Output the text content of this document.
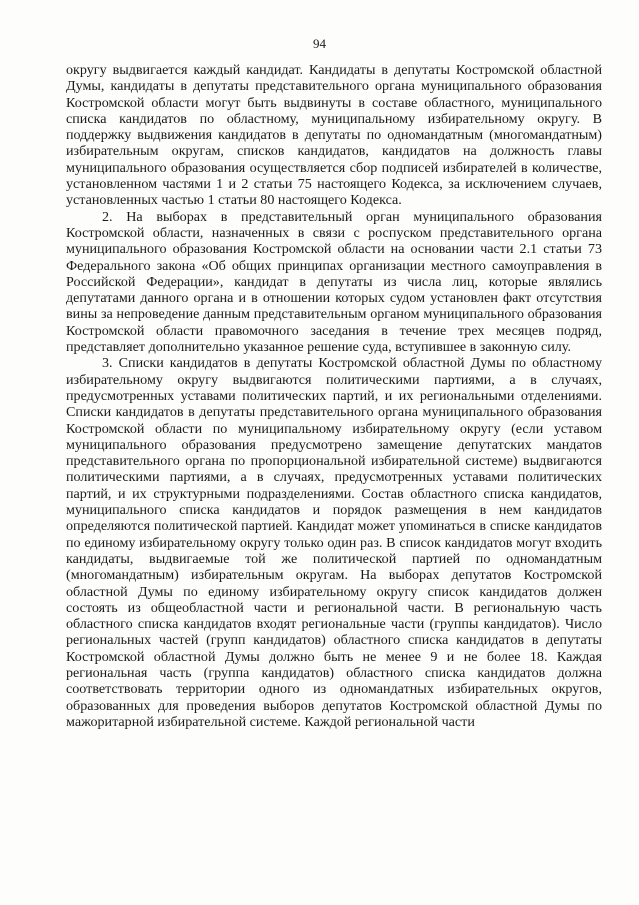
94

округу выдвигается каждый кандидат. Кандидаты в депутаты Костромской областной Думы, кандидаты в депутаты представительного органа муниципального образования Костромской области могут быть выдвинуты в составе областного, муниципального списка кандидатов по областному, муниципальному избирательному округу. В поддержку выдвижения кандидатов в депутаты по одномандатным (многомандатным) избирательным округам, списков кандидатов, кандидатов на должность главы муниципального образования осуществляется сбор подписей избирателей в количестве, установленном частями 1 и 2 статьи 75 настоящего Кодекса, за исключением случаев, установленных частью 1 статьи 80 настоящего Кодекса.

2. На выборах в представительный орган муниципального образования Костромской области, назначенных в связи с роспуском представительного органа муниципального образования Костромской области на основании части 2.1 статьи 73 Федерального закона «Об общих принципах организации местного самоуправления в Российской Федерации», кандидат в депутаты из числа лиц, которые являлись депутатами данного органа и в отношении которых судом установлен факт отсутствия вины за непроведение данным представительным органом муниципального образования Костромской области правомочного заседания в течение трех месяцев подряд, представляет дополнительно указанное решение суда, вступившее в законную силу.

3. Списки кандидатов в депутаты Костромской областной Думы по областному избирательному округу выдвигаются политическими партиями, а в случаях, предусмотренных уставами политических партий, и их региональными отделениями. Списки кандидатов в депутаты представительного органа муниципального образования Костромской области по муниципальному избирательному округу (если уставом муниципального образования предусмотрено замещение депутатских мандатов представительного органа по пропорциональной избирательной системе) выдвигаются политическими партиями, а в случаях, предусмотренных уставами политических партий, и их структурными подразделениями. Состав областного списка кандидатов, муниципального списка кандидатов и порядок размещения в нем кандидатов определяются политической партией. Кандидат может упоминаться в списке кандидатов по единому избирательному округу только один раз. В список кандидатов могут входить кандидаты, выдвигаемые той же политической партией по одномандатным (многомандатным) избирательным округам. На выборах депутатов Костромской областной Думы по единому избирательному округу список кандидатов должен состоять из общеобластной части и региональной части. В региональную часть областного списка кандидатов входят региональные части (группы кандидатов). Число региональных частей (групп кандидатов) областного списка кандидатов в депутаты Костромской областной Думы должно быть не менее 9 и не более 18. Каждая региональная часть (группа кандидатов) областного списка кандидатов должна соответствовать территории одного из одномандатных избирательных округов, образованных для проведения выборов депутатов Костромской областной Думы по мажоритарной избирательной системе. Каждой региональной части
